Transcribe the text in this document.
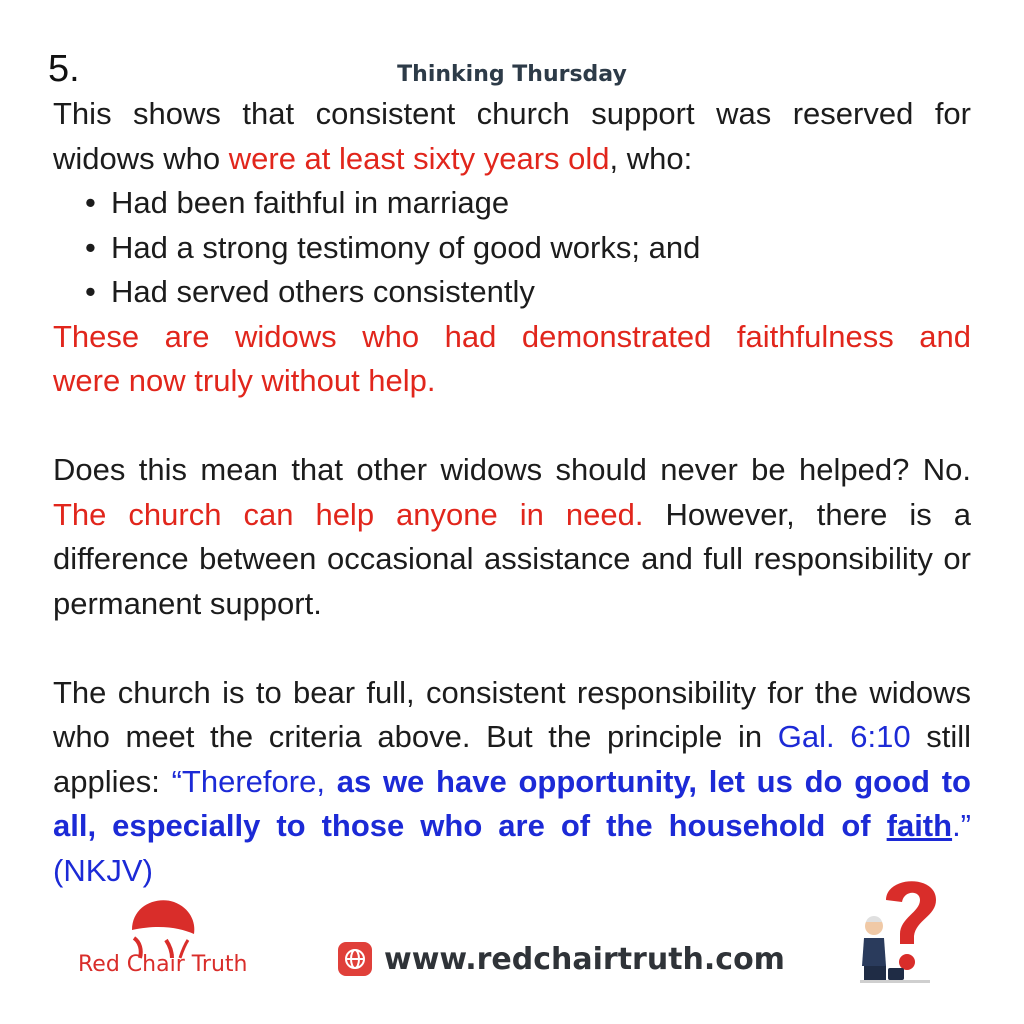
5.	Thinking Thursday

This shows that consistent church support was reserved for widows who were at least sixty years old, who:

• Had been faithful in marriage
• Had a strong testimony of good works; and
• Had served others consistently

These are widows who had demonstrated faithfulness and
were now truly without help.

Does this mean that other widows should never be helped? No. The church can help anyone in need. However, there is a difference between occasional assistance and full responsibility or permanent support.

The church is to bear full, consistent responsibility for the widows who meet the criteria above. But the principle in Gal. 6:10 still applies: “Therefore, as we have opportunity, let us do good to all, especially to those who are of the household of faith.” (NKJV)

Red Chair Truth	www.redchairtruth.com
